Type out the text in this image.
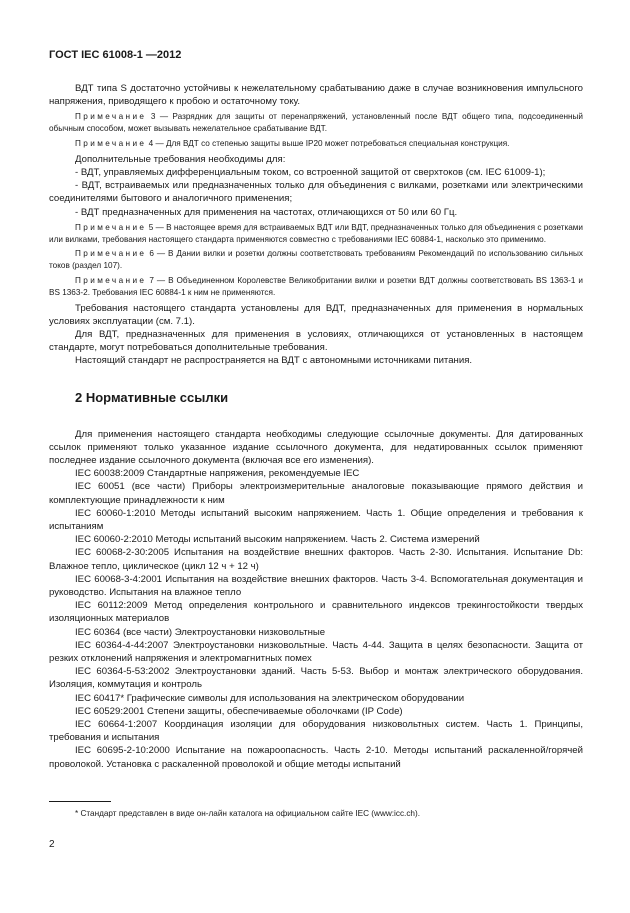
ГОСТ IEC 61008-1 —2012

ВДТ типа S достаточно устойчивы к нежелательному срабатыванию даже в случае возникновения импульсного напряжения, приводящего к пробою и остаточному току.

Примечание 3 — Разрядник для защиты от перенапряжений, установленный после ВДТ общего типа, подсоединенный обычным способом, может вызывать нежелательное срабатывание ВДТ.

Примечание 4 — Для ВДТ со степенью защиты выше IP20 может потребоваться специальная конструкция.

Дополнительные требования необходимы для:

- ВДТ, управляемых дифференциальным током, со встроенной защитой от сверхтоков (см. IEC 61009-1);

- ВДТ, встраиваемых или предназначенных только для объединения с вилками, розетками или электрическими соединителями бытового и аналогичного применения;

- ВДТ предназначенных для применения на частотах, отличающихся от 50 или 60 Гц.

Примечание 5 — В настоящее время для встраиваемых ВДТ или ВДТ, предназначенных только для объединения с розетками или вилками, требования настоящего стандарта применяются совместно с требованиями IEC 60884-1, насколько это применимо.

Примечание 6 — В Дании вилки и розетки должны соответствовать требованиям Рекомендаций по использованию сильных токов (раздел 107).

Примечание 7 — В Объединенном Королевстве Великобритании вилки и розетки ВДТ должны соответствовать BS 1363-1 и BS 1363-2. Требования IEC 60884-1 к ним не применяются.

Требования настоящего стандарта установлены для ВДТ, предназначенных для применения в нормальных условиях эксплуатации (см. 7.1).

Для ВДТ, предназначенных для применения в условиях, отличающихся от установленных в настоящем стандарте, могут потребоваться дополнительные требования.

Настоящий стандарт не распространяется на ВДТ с автономными источниками питания.

2 Нормативные ссылки

Для применения настоящего стандарта необходимы следующие ссылочные документы. Для датированных ссылок применяют только указанное издание ссылочного документа, для недатированных ссылок применяют последнее издание ссылочного документа (включая все его изменения).

IEC 60038:2009 Стандартные напряжения, рекомендуемые IEC

IEC 60051 (все части) Приборы электроизмерительные аналоговые показывающие прямого действия и комплектующие принадлежности к ним

IEC 60060-1:2010 Методы испытаний высоким напряжением. Часть 1. Общие определения и требования к испытаниям

IEC 60060-2:2010 Методы испытаний высоким напряжением. Часть 2. Система измерений

IEC 60068-2-30:2005 Испытания на воздействие внешних факторов. Часть 2-30. Испытания. Испытание Db: Влажное тепло, циклическое (цикл 12 ч + 12 ч)

IEC 60068-3-4:2001 Испытания на воздействие внешних факторов. Часть 3-4. Вспомогательная документация и руководство. Испытания на влажное тепло

IEC 60112:2009 Метод определения контрольного и сравнительного индексов трекингостойкости твердых изоляционных материалов

IEC 60364 (все части) Электроустановки низковольтные

IEC 60364-4-44:2007 Электроустановки низковольтные. Часть 4-44. Защита в целях безопасности. Защита от резких отклонений напряжения и электромагнитных помех

IEC 60364-5-53:2002 Электроустановки зданий. Часть 5-53. Выбор и монтаж электрического оборудования. Изоляция, коммутация и контроль

IEC 60417* Графические символы для использования на электрическом оборудовании

IEC 60529:2001 Степени защиты, обеспечиваемые оболочками (IP Code)

IEC 60664-1:2007 Координация изоляции для оборудования низковольтных систем. Часть 1. Принципы, требования и испытания

IEC 60695-2-10:2000 Испытание на пожароопасность. Часть 2-10. Методы испытаний раскаленной/горячей проволокой. Установка с раскаленной проволокой и общие методы испытаний

* Стандарт представлен в виде он-лайн каталога на официальном сайте IEC (www:icc.ch).
2
